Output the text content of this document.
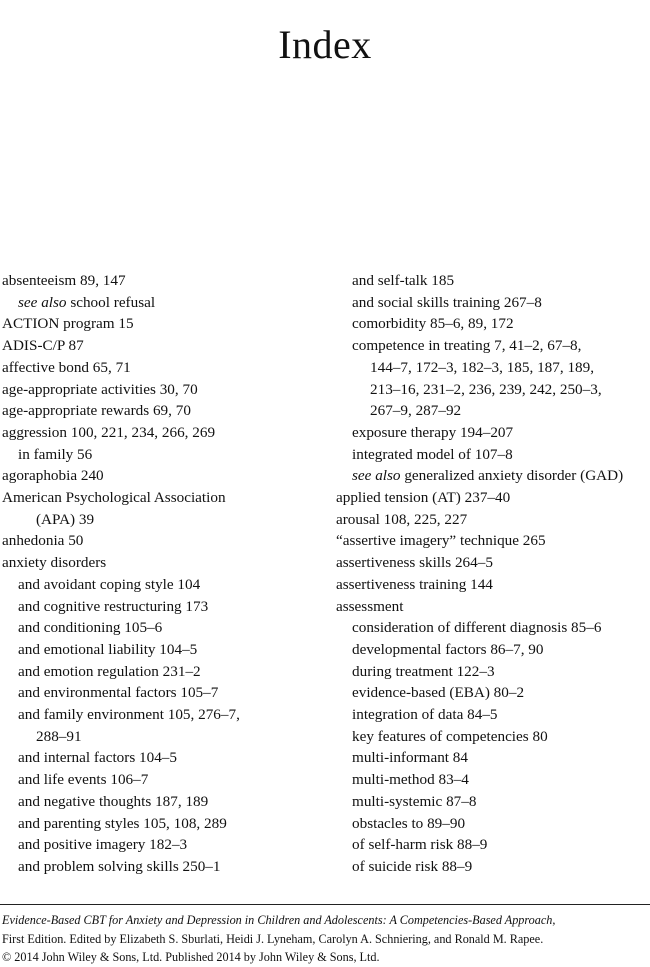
Index
absenteeism 89, 147
see also school refusal
ACTION program 15
ADIS-C/P 87
affective bond 65, 71
age-appropriate activities 30, 70
age-appropriate rewards 69, 70
aggression 100, 221, 234, 266, 269
in family 56
agoraphobia 240
American Psychological Association
(APA) 39
anhedonia 50
anxiety disorders
and avoidant coping style 104
and cognitive restructuring 173
and conditioning 105–6
and emotional liability 104–5
and emotion regulation 231–2
and environmental factors 105–7
and family environment 105, 276–7,
288–91
and internal factors 104–5
and life events 106–7
and negative thoughts 187, 189
and parenting styles 105, 108, 289
and positive imagery 182–3
and problem solving skills 250–1
and self-talk 185
and social skills training 267–8
comorbidity 85–6, 89, 172
competence in treating 7, 41–2, 67–8,
144–7, 172–3, 182–3, 185, 187, 189,
213–16, 231–2, 236, 239, 242, 250–3,
267–9, 287–92
exposure therapy 194–207
integrated model of 107–8
see also generalized anxiety disorder (GAD)
applied tension (AT) 237–40
arousal 108, 225, 227
“assertive imagery” technique 265
assertiveness skills 264–5
assertiveness training 144
assessment
consideration of different diagnosis 85–6
developmental factors 86–7, 90
during treatment 122–3
evidence-based (EBA) 80–2
integration of data 84–5
key features of competencies 80
multi-informant 84
multi-method 83–4
multi-systemic 87–8
obstacles to 89–90
of self-harm risk 88–9
of suicide risk 88–9
Evidence-Based CBT for Anxiety and Depression in Children and Adolescents: A Competencies-Based Approach,
First Edition. Edited by Elizabeth S. Sburlati, Heidi J. Lyneham, Carolyn A. Schniering, and Ronald M. Rapee.
© 2014 John Wiley & Sons, Ltd. Published 2014 by John Wiley & Sons, Ltd.
